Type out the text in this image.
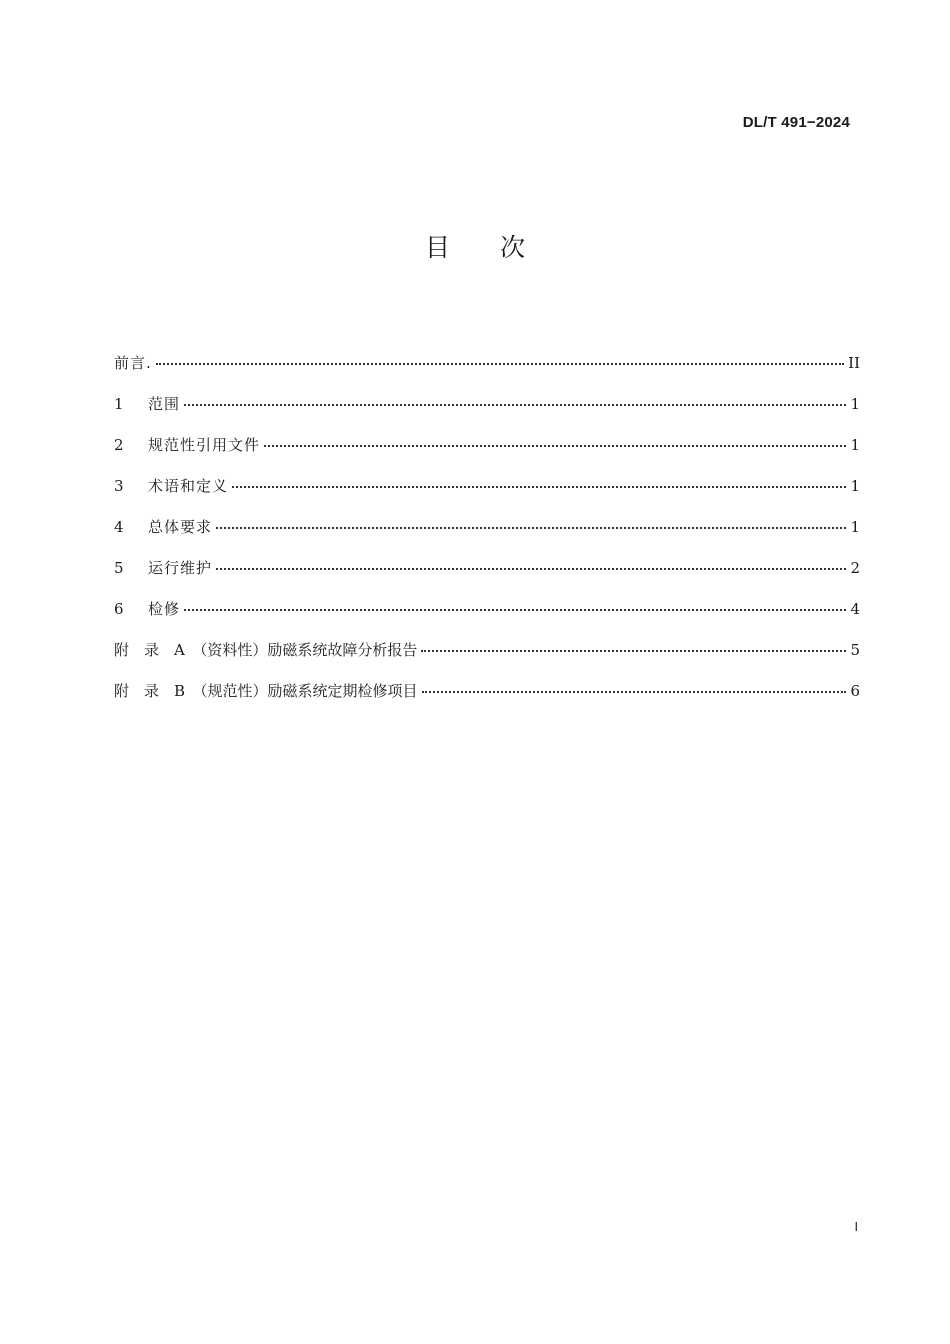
DL/T 491−2024
目次
前言.	II
1	范围	1
2	规范性引用文件	1
3	术语和定义	1
4	总体要求	1
5	运行维护	2
6	检修	4
附　录　A　（资料性）励磁系统故障分析报告	5
附　录　B　（规范性）励磁系统定期检修项目	6
I
